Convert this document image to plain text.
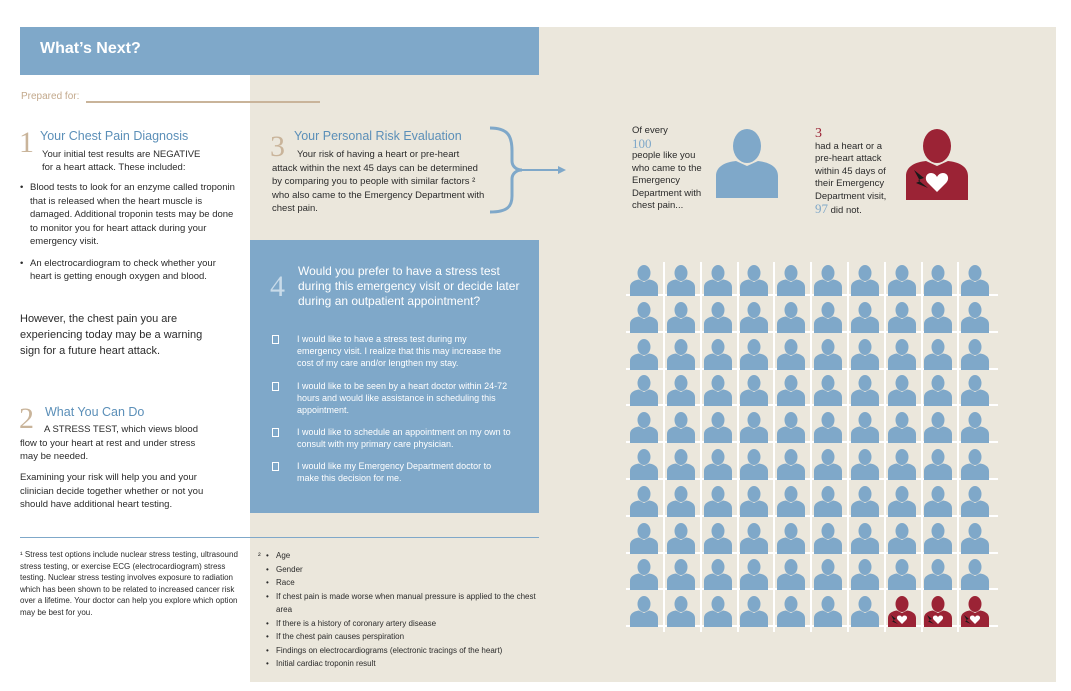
What’s Next?
Prepared for:
1 Your Chest Pain Diagnosis
Your initial test results are NEGATIVE
for a heart attack. These included:
• Blood tests to look for an enzyme called troponin that is released when the heart muscle is damaged. Additional troponin tests may be done to monitor you for heart attack during your emergency visit.
• An electrocardiogram to check whether your heart is getting enough oxygen and blood.
However, the chest pain you are experiencing today may be a warning sign for a future heart attack.
2 What You Can Do
A STRESS TEST, which views blood flow to your heart at rest and under stress may be needed.
Examining your risk will help you and your clinician decide together whether or not you should have additional heart testing.
3 Your Personal Risk Evaluation
Your risk of having a heart or pre-heart attack within the next 45 days can be determined by comparing you to people with similar factors ² who also came to the Emergency Department with chest pain.
4 Would you prefer to have a stress test during this emergency visit or decide later during an outpatient appointment?
I would like to have a stress test during my emergency visit. I realize that this may increase the cost of my care and/or lengthen my stay.
I would like to be seen by a heart doctor within 24-72 hours and would like assistance in scheduling this appointment.
I would like to schedule an appointment on my own to consult with my primary care physician.
I would like my Emergency Department doctor to make this decision for me.
¹ Stress test options include nuclear stress testing, ultrasound stress testing, or exercise ECG (electrocardiogram) stress testing. Nuclear stress testing involves exposure to radiation which has been shown to be related to increased cancer risk over a lifetime. Your doctor can help you explore which option may be best for you.
• ² Age
• Gender
• Race
• If chest pain is made worse when manual pressure is applied to the chest area
• If there is a history of coronary artery disease
• If the chest pain causes perspiration
• Findings on electrocardiograms (electronic tracings of the heart)
• Initial cardiac troponin result
Of every
100
people like you who came to the Emergency Department with chest pain...
3
had a heart or a pre-heart attack within 45 days of their Emergency Department visit,
97 did not.
